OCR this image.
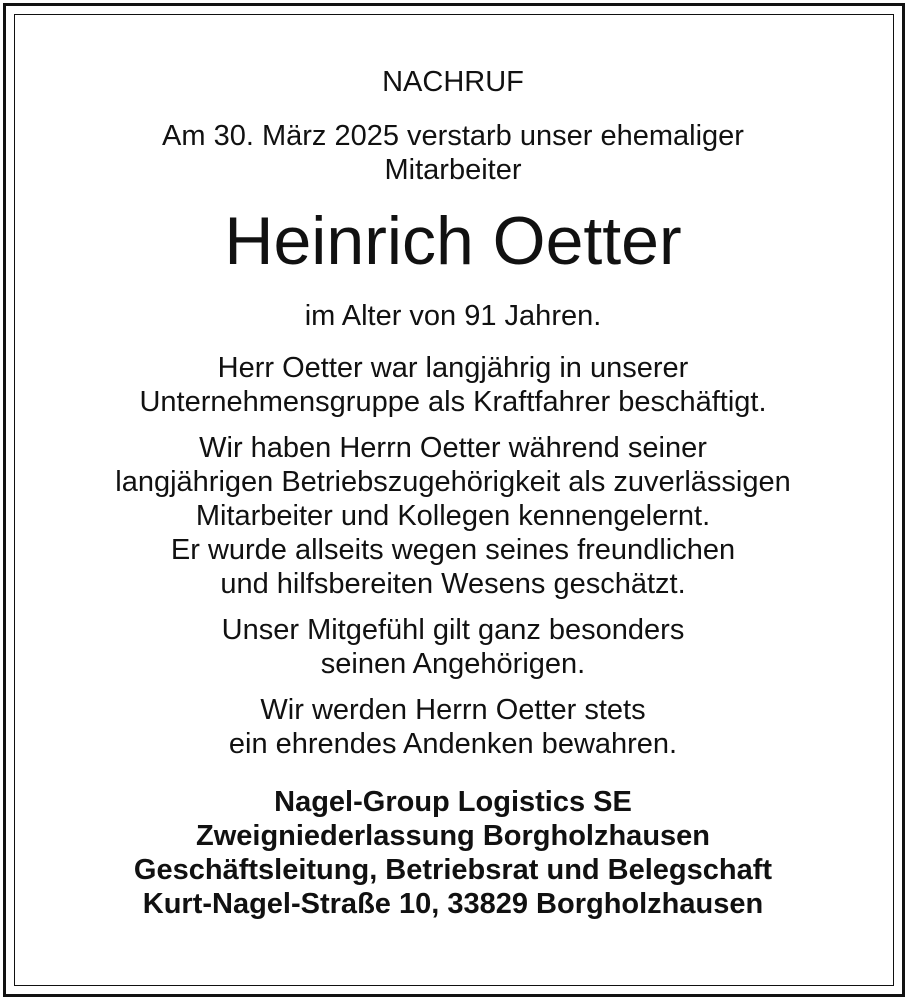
NACHRUF
Am 30. März 2025 verstarb unser ehemaliger
Mitarbeiter
Heinrich Oetter
im Alter von 91 Jahren.
Herr Oetter war langjährig in unserer
Unternehmensgruppe als Kraftfahrer beschäftigt.
Wir haben Herrn Oetter während seiner
langjährigen Betriebszugehörigkeit als zuverlässigen
Mitarbeiter und Kollegen kennengelernt.
Er wurde allseits wegen seines freundlichen
und hilfsbereiten Wesens geschätzt.
Unser Mitgefühl gilt ganz besonders
seinen Angehörigen.
Wir werden Herrn Oetter stets
ein ehrendes Andenken bewahren.
Nagel-Group Logistics SE
Zweigniederlassung Borgholzhausen
Geschäftsleitung, Betriebsrat und Belegschaft
Kurt-Nagel-Straße 10, 33829 Borgholzhausen
